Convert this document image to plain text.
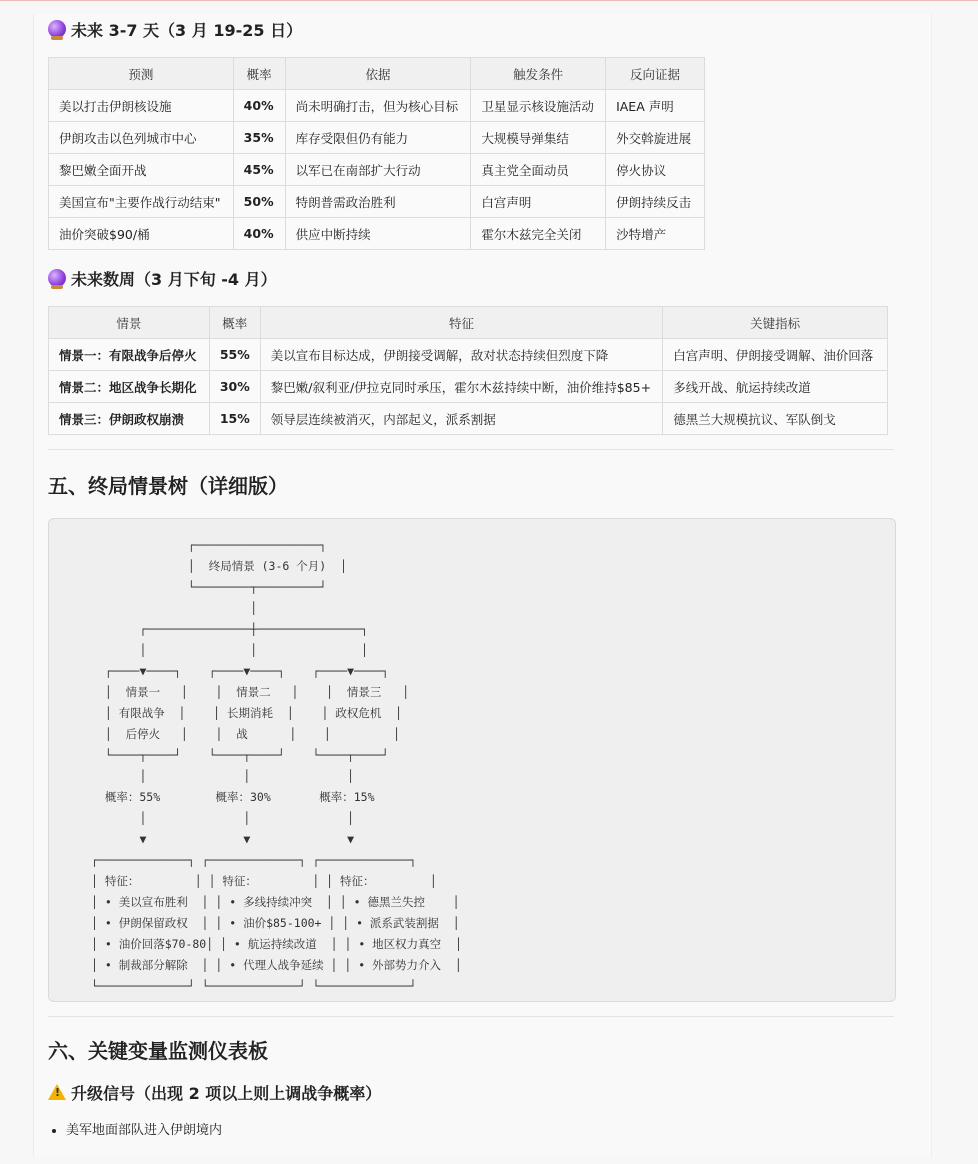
未来 3-7 天（3 月 19-25 日）
预测	概率	依据	触发条件	反向证据
美以打击伊朗核设施	40%	尚未明确打击，但为核心目标	卫星显示核设施活动	IAEA 声明
伊朗攻击以色列城市中心	35%	库存受限但仍有能力	大规模导弹集结	外交斡旋进展
黎巴嫩全面开战	45%	以军已在南部扩大行动	真主党全面动员	停火协议
美国宣布"主要作战行动结束"	50%	特朗普需政治胜利	白宫声明	伊朗持续反击
油价突破$90/桶	40%	供应中断持续	霍尔木兹完全关闭	沙特增产
未来数周（3 月下旬 -4 月）
情景	概率	特征	关键指标
情景一：有限战争后停火	55%	美以宣布目标达成，伊朗接受调解，敌对状态持续但烈度下降	白宫声明、伊朗接受调解、油价回落
情景二：地区战争长期化	30%	黎巴嫩/叙利亚/伊拉克同时承压，霍尔木兹持续中断，油价维持$85+	多线开战、航运持续改道
情景三：伊朗政权崩溃	15%	领导层连续被消灭，内部起义，派系割据	德黑兰大规模抗议、军队倒戈
五、终局情景树（详细版）
┌──────────────────┐
│  终局情景 (3-6 个月)  │
└────────┬─────────┘
│
┌───────────────┼───────────────┐
│               │               │
┌────▼────┐    ┌────▼────┐    ┌────▼────┐
│  情景一   │    │  情景二   │    │  情景三   │
│ 有限战争  │    │ 长期消耗  │    │ 政权危机  │
│  后停火   │    │  战      │    │         │
└────┬────┘    └────┬────┘    └────┬────┘
│              │              │
概率：55%        概率：30%       概率：15%
│              │              │
▼              ▼              ▼
┌─────────────┐ ┌─────────────┐ ┌─────────────┐
│ 特征：        │ │ 特征：        │ │ 特征：        │
│ • 美以宣布胜利  │ │ • 多线持续冲突  │ │ • 德黑兰失控    │
│ • 伊朗保留政权  │ │ • 油价$85-100+ │ │ • 派系武装割据  │
│ • 油价回落$70-80│ │ • 航运持续改道  │ │ • 地区权力真空  │
│ • 制裁部分解除  │ │ • 代理人战争延续 │ │ • 外部势力介入  │
└─────────────┘ └─────────────┘ └─────────────┘
六、关键变量监测仪表板
!
升级信号（出现 2 项以上则上调战争概率）
• 美军地面部队进入伊朗境内
